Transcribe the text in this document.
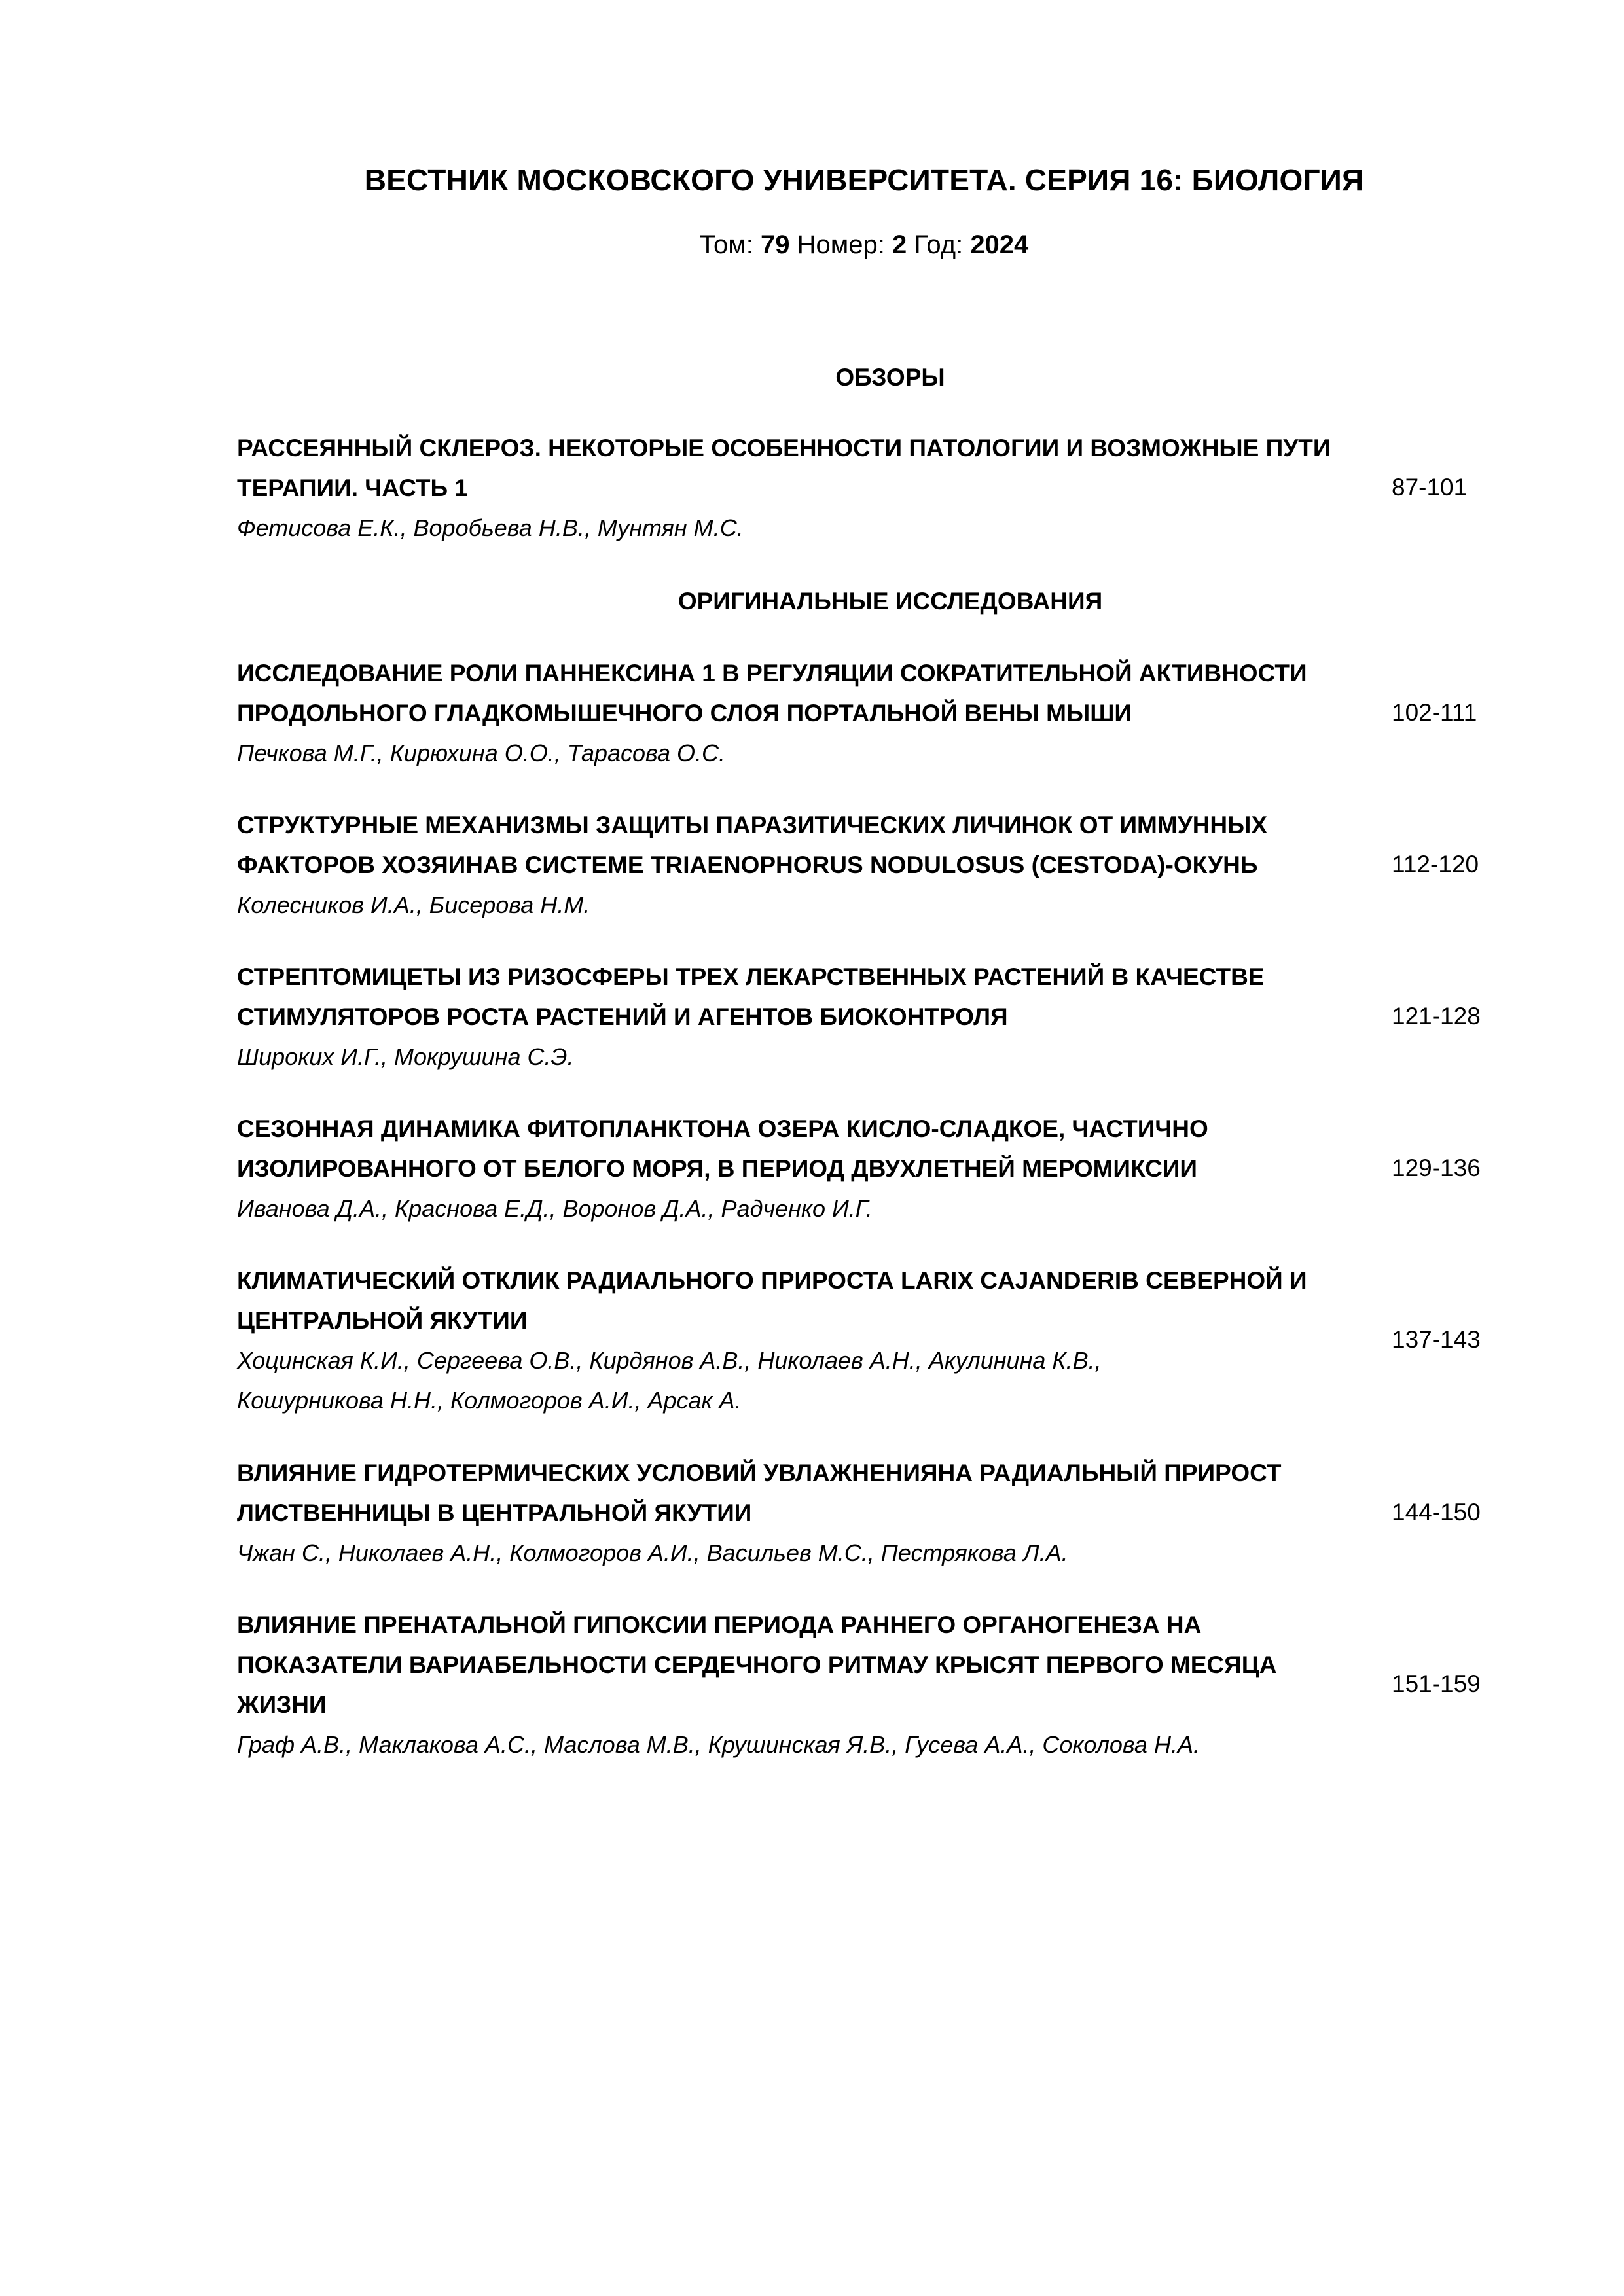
ВЕСТНИК МОСКОВСКОГО УНИВЕРСИТЕТА. СЕРИЯ 16: БИОЛОГИЯ
Том: 79 Номер: 2 Год: 2024
ОБЗОРЫ
РАССЕЯННЫЙ СКЛЕРОЗ. НЕКОТОРЫЕ ОСОБЕННОСТИ ПАТОЛОГИИ И ВОЗМОЖНЫЕ ПУТИ
ТЕРАПИИ. ЧАСТЬ 1
Фетисова Е.К., Воробьева Н.В., Мунтян М.С.
87-101
ОРИГИНАЛЬНЫЕ ИССЛЕДОВАНИЯ
ИССЛЕДОВАНИЕ РОЛИ ПАННЕКСИНА 1 В РЕГУЛЯЦИИ СОКРАТИТЕЛЬНОЙ АКТИВНОСТИ
ПРОДОЛЬНОГО ГЛАДКОМЫШЕЧНОГО СЛОЯ ПОРТАЛЬНОЙ ВЕНЫ МЫШИ
Печкова М.Г., Кирюхина О.О., Тарасова О.С.
102-111
СТРУКТУРНЫЕ МЕХАНИЗМЫ ЗАЩИТЫ ПАРАЗИТИЧЕСКИХ ЛИЧИНОК ОТ ИММУННЫХ
ФАКТОРОВ ХОЗЯИНАВ СИСТЕМЕ TRIAENOPHORUS NODULOSUS (CESTODA)-ОКУНЬ
Колесников И.А., Бисерова Н.М.
112-120
СТРЕПТОМИЦЕТЫ ИЗ РИЗОСФЕРЫ ТРЕХ ЛЕКАРСТВЕННЫХ РАСТЕНИЙ В КАЧЕСТВЕ
СТИМУЛЯТОРОВ РОСТА РАСТЕНИЙ И АГЕНТОВ БИОКОНТРОЛЯ
Широких И.Г., Мокрушина С.Э.
121-128
СЕЗОННАЯ ДИНАМИКА ФИТОПЛАНКТОНА ОЗЕРА КИСЛО-СЛАДКОЕ, ЧАСТИЧНО
ИЗОЛИРОВАННОГО ОТ БЕЛОГО МОРЯ, В ПЕРИОД ДВУХЛЕТНЕЙ МЕРОМИКСИИ
Иванова Д.А., Краснова Е.Д., Воронов Д.А., Радченко И.Г.
129-136
КЛИМАТИЧЕСКИЙ ОТКЛИК РАДИАЛЬНОГО ПРИРОСТА LARIX CAJANDERIВ СЕВЕРНОЙ И
ЦЕНТРАЛЬНОЙ ЯКУТИИ
Хоцинская К.И., Сергеева О.В., Кирдянов А.В., Николаев А.Н., Акулинина К.В.,
Кошурникова Н.Н., Колмогоров А.И., Арсак А.
137-143
ВЛИЯНИЕ ГИДРОТЕРМИЧЕСКИХ УСЛОВИЙ УВЛАЖНЕНИЯНА РАДИАЛЬНЫЙ ПРИРОСТ
ЛИСТВЕННИЦЫ В ЦЕНТРАЛЬНОЙ ЯКУТИИ
Чжан С., Николаев А.Н., Колмогоров А.И., Васильев М.С., Пестрякова Л.А.
144-150
ВЛИЯНИЕ ПРЕНАТАЛЬНОЙ ГИПОКСИИ ПЕРИОДА РАННЕГО ОРГАНОГЕНЕЗА НА
ПОКАЗАТЕЛИ ВАРИАБЕЛЬНОСТИ СЕРДЕЧНОГО РИТМАУ КРЫСЯТ ПЕРВОГО МЕСЯЦА
ЖИЗНИ
Граф А.В., Маклакова А.С., Маслова М.В., Крушинская Я.В., Гусева А.А., Соколова Н.А.
151-159
